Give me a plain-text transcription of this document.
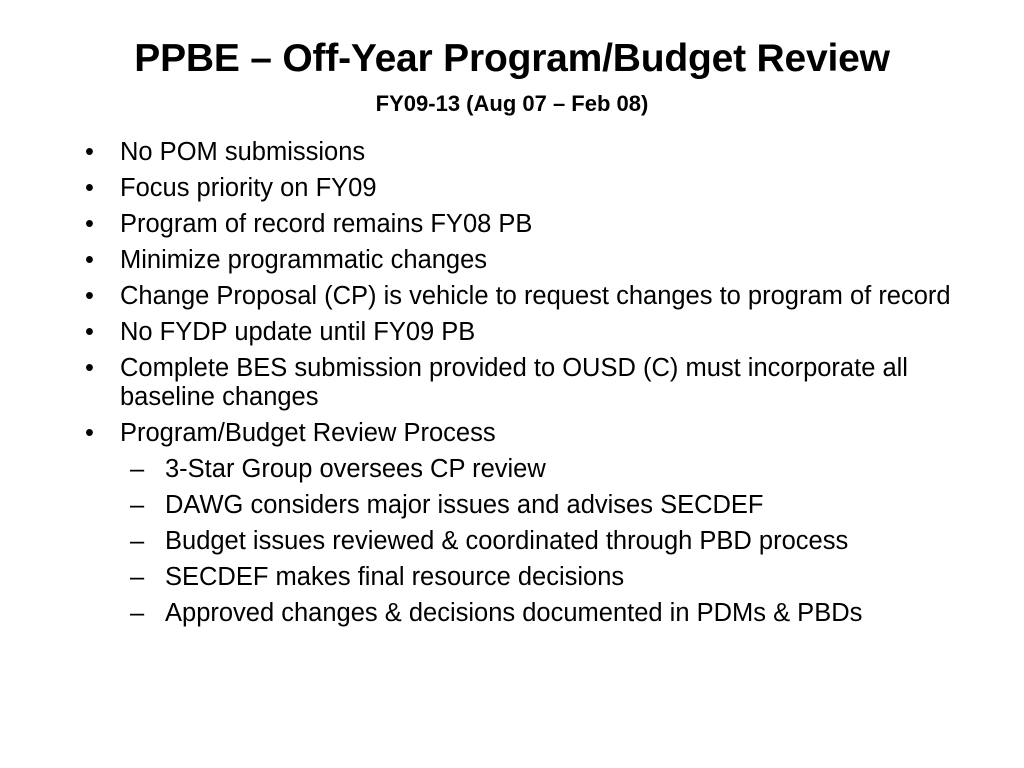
PPBE – Off-Year Program/Budget Review
FY09-13 (Aug 07 – Feb 08)
•	No POM submissions
•	Focus priority on FY09
•	Program of record remains FY08 PB
•	Minimize programmatic changes
•	Change Proposal (CP) is vehicle to request changes to program of record
•	No FYDP update until FY09 PB
•	Complete BES submission provided to OUSD (C) must incorporate all baseline changes
•	Program/Budget Review Process
– 3-Star Group oversees CP review
– DAWG considers major issues and advises SECDEF
– Budget issues reviewed & coordinated through PBD process
– SECDEF makes final resource decisions
– Approved changes & decisions documented in PDMs & PBDs
